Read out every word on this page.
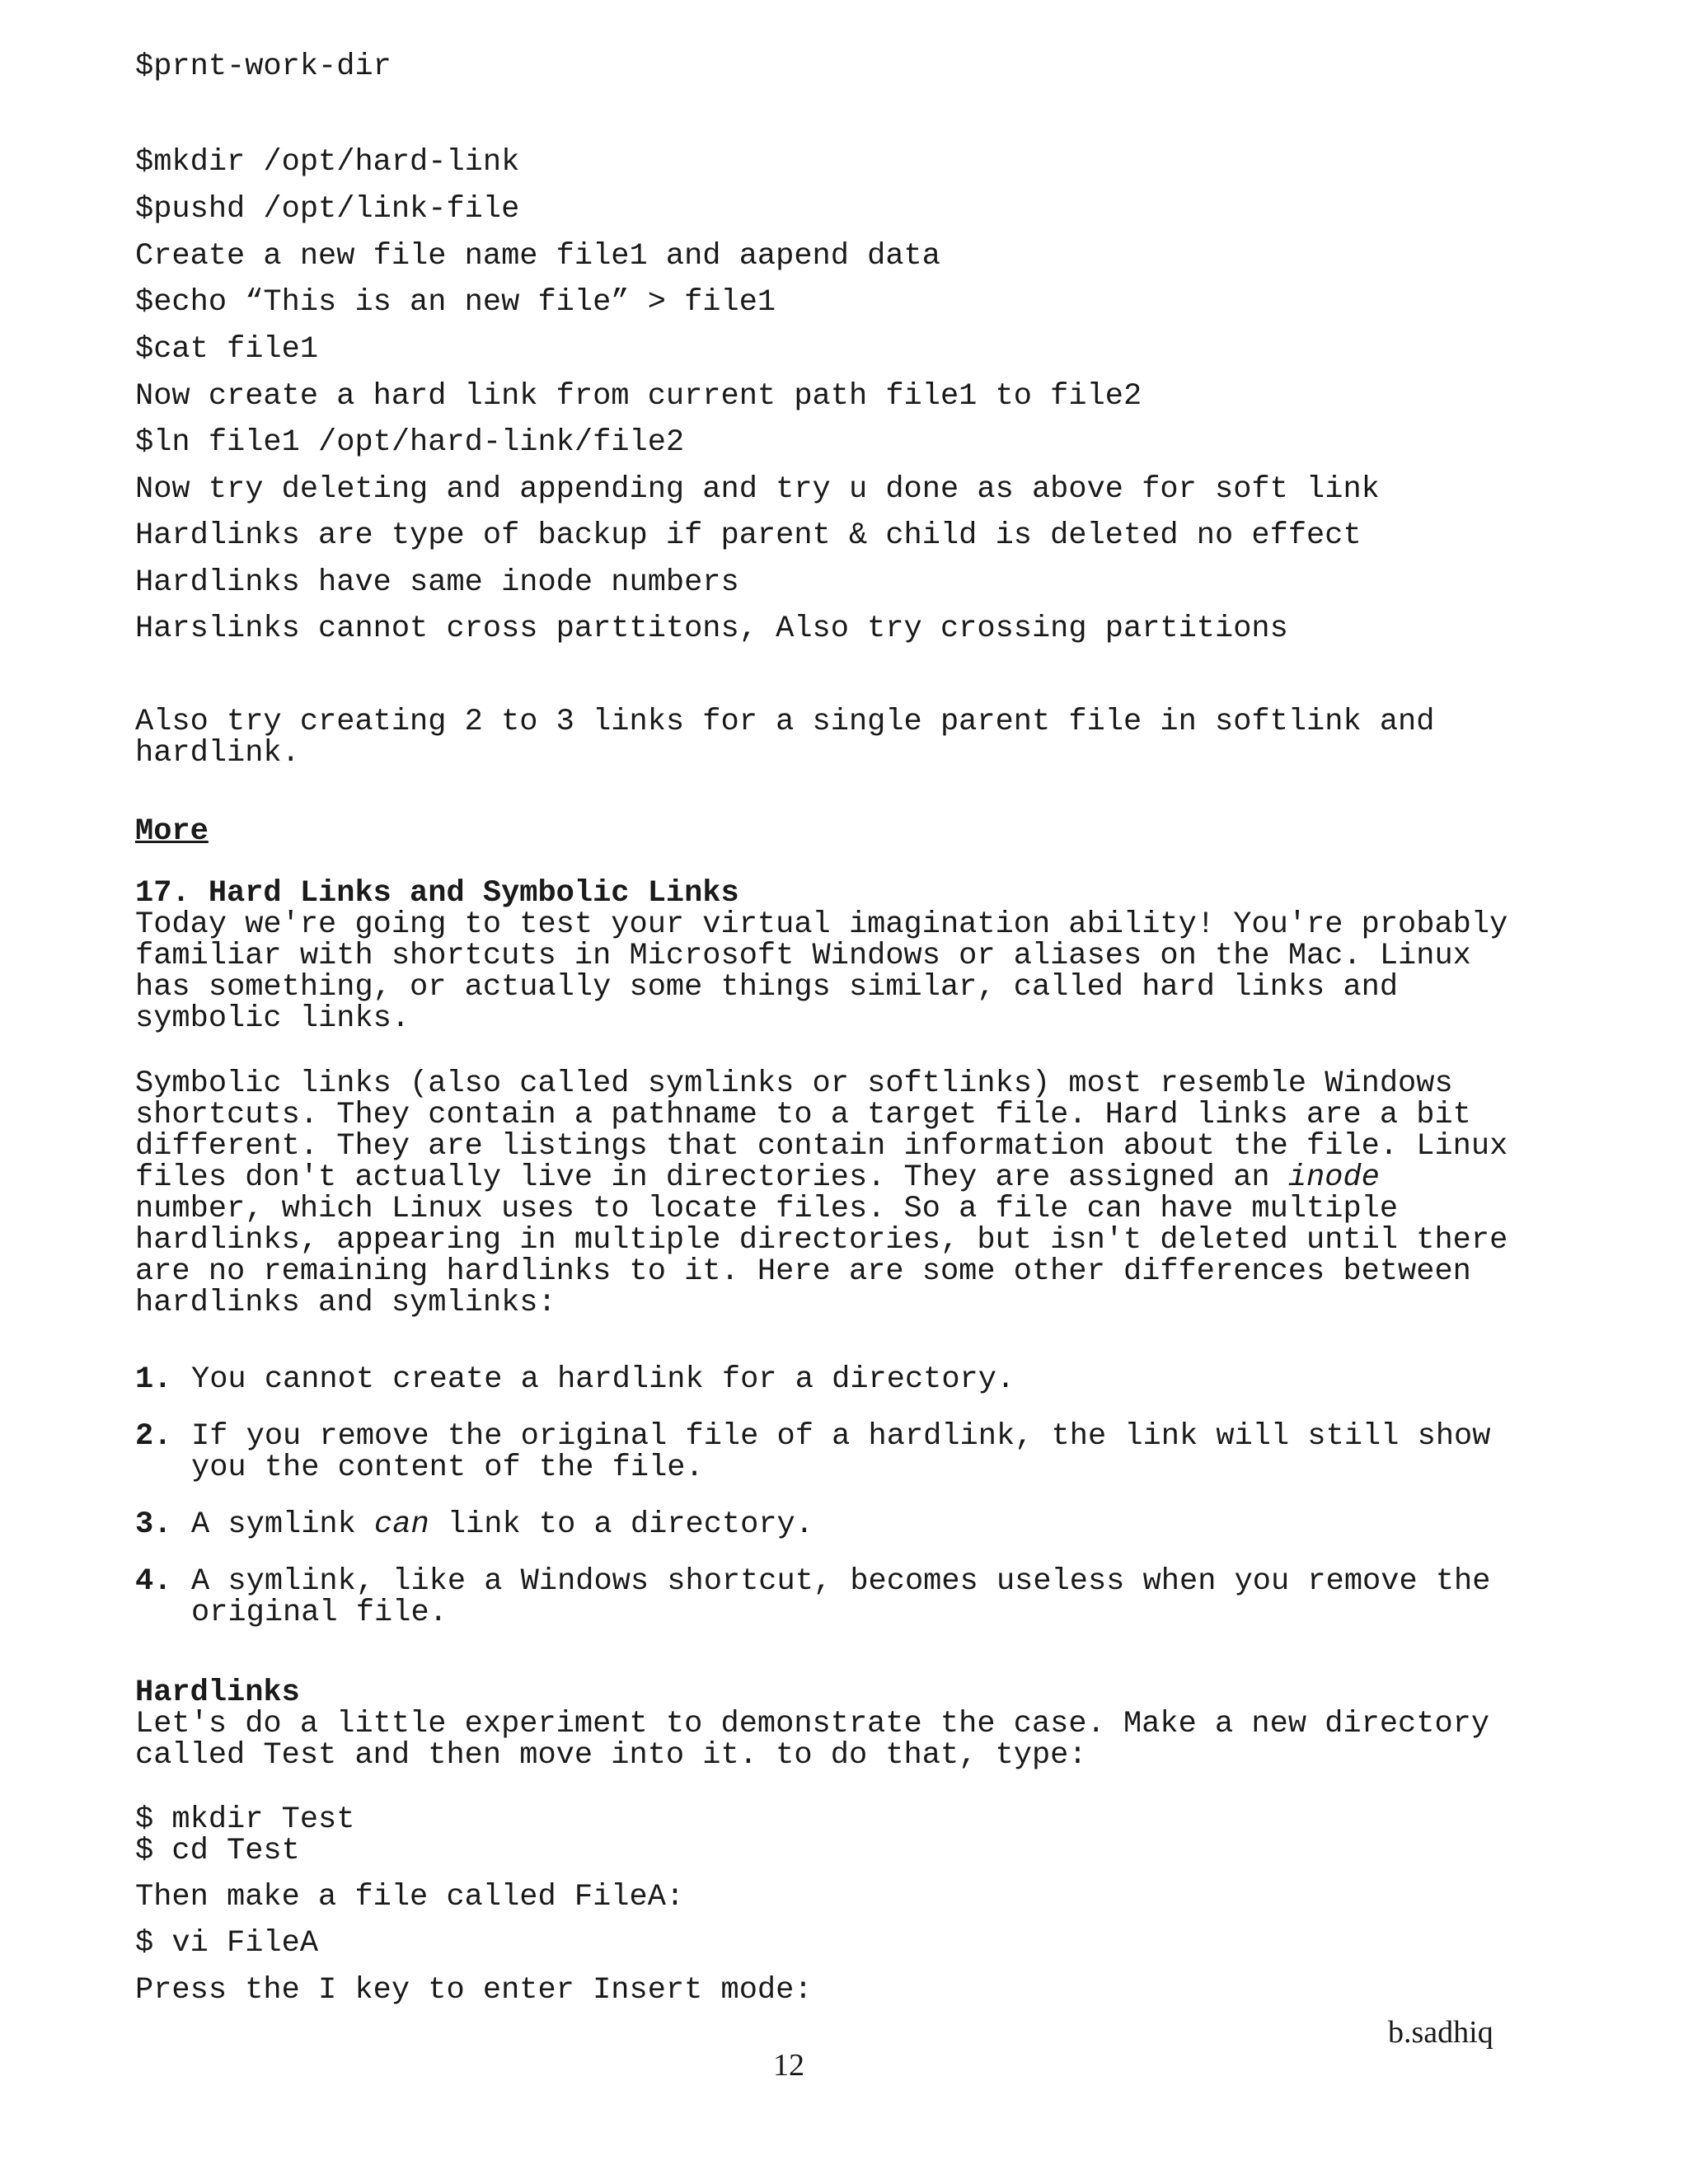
$prnt-work-dir
$mkdir /opt/hard-link
$pushd /opt/link-file
Create a new file name file1 and aapend data
$echo “This is an new file” > file1
$cat file1
Now create a hard link from current path file1 to file2
$ln file1 /opt/hard-link/file2
Now try deleting and appending and try u done as above for soft link
Hardlinks are type of backup if parent & child is deleted no effect
Hardlinks have same inode numbers
Harslinks cannot cross parttitons, Also try crossing partitions
Also try creating 2 to 3 links for a single parent file in softlink and
hardlink.
More
17. Hard Links and Symbolic Links
Today we're going to test your virtual imagination ability! You're probably
familiar with shortcuts in Microsoft Windows or aliases on the Mac. Linux
has something, or actually some things similar, called hard links and
symbolic links.
Symbolic links (also called symlinks or softlinks) most resemble Windows
shortcuts. They contain a pathname to a target file. Hard links are a bit
different. They are listings that contain information about the file. Linux
files don't actually live in directories. They are assigned an inode
number, which Linux uses to locate files. So a file can have multiple
hardlinks, appearing in multiple directories, but isn't deleted until there
are no remaining hardlinks to it. Here are some other differences between
hardlinks and symlinks:
1. You cannot create a hardlink for a directory.
2. If you remove the original file of a hardlink, the link will still show
you the content of the file.
3. A symlink can link to a directory.
4. A symlink, like a Windows shortcut, becomes useless when you remove the
original file.
Hardlinks
Let's do a little experiment to demonstrate the case. Make a new directory
called Test and then move into it. to do that, type:
$ mkdir Test
$ cd Test
Then make a file called FileA:
$ vi FileA
Press the I key to enter Insert mode:
b.sadhiq
12
